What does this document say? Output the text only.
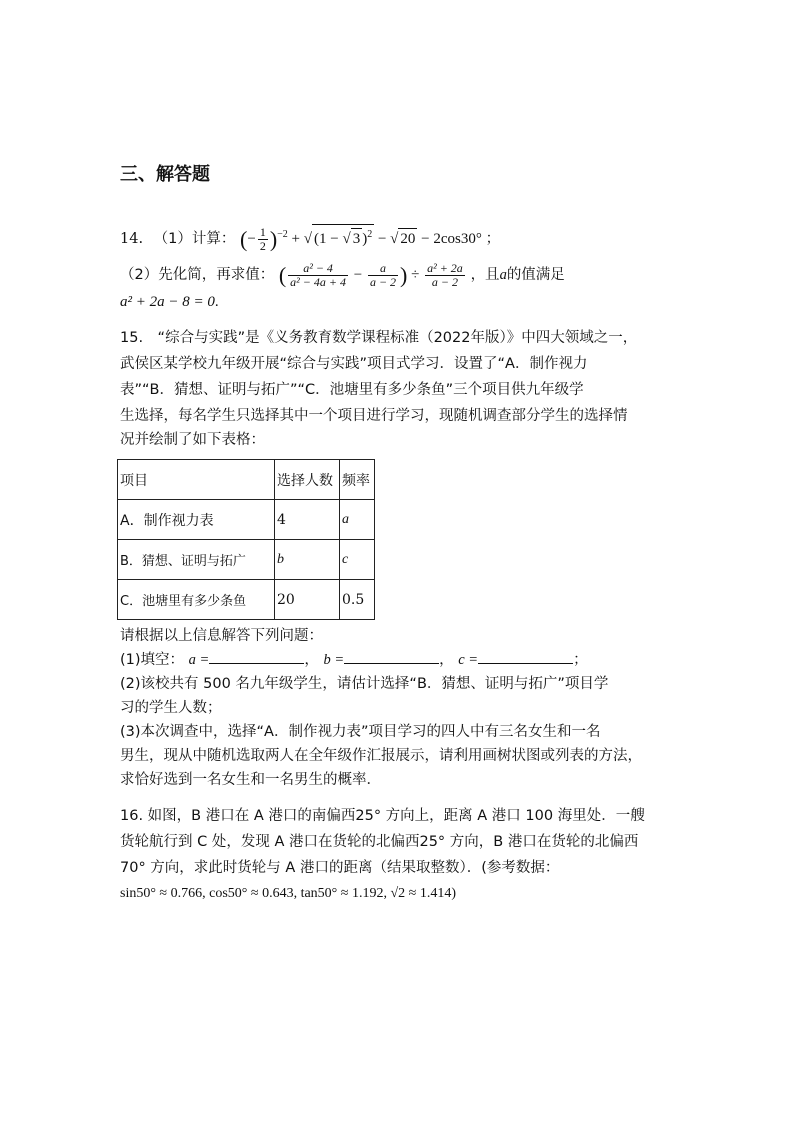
三、解答题
14. （1）计算： (− $\frac{1}{2} )^{-2}$ + √ (1 − √ 3 )$^2$ − √ 20 − 2cos30° ；
（2）先化简，再求值： ( $\frac{\text{a² − 4}}{\text{a² − 4a + 4}} - \frac{a}{a - 2}$ ) ÷ $\frac{\text{a² + 2a}}{a - 2}$ ，且a的值满足
a² + 2a − 8 = 0.
15.　“综合与实践”是《义务教育数学课程标准（2022年版）》中四大领域之一，
武侯区某学校九年级开展“综合与实践”项目式学习．设置了“A．制作视力
表”“B．猜想、证明与拓广”“C．池塘里有多少条鱼”三个项目供九年级学
生选择，每名学生只选择其中一个项目进行学习，现随机调查部分学生的选择情
况并绘制了如下表格：
项目	选择人数	频率
A．制作视力表	4	a
B．猜想、证明与拓广	b	c
C．池塘里有多少条鱼	20	0.5
请根据以上信息解答下列问题：
(1)填空： a =	， b =	， c =	；
(2)该校共有 500 名九年级学生，请估计选择“B．猜想、证明与拓广”项目学
习的学生人数；
(3)本次调查中，选择“A．制作视力表”项目学习的四人中有三名女生和一名
男生，现从中随机选取两人在全年级作汇报展示，请利用画树状图或列表的方法，
求恰好选到一名女生和一名男生的概率．
16. 如图，B 港口在 A 港口的南偏西25° 方向上，距离 A 港口 100 海里处．一艘
货轮航行到 C 处，发现 A 港口在货轮的北偏西25° 方向，B 港口在货轮的北偏西
70° 方向，求此时货轮与 A 港口的距离（结果取整数）．(参考数据：
sin50° ≈ 0.766, cos50° ≈ 0.643, tan50° ≈ 1.192, √2 ≈ 1.414)
